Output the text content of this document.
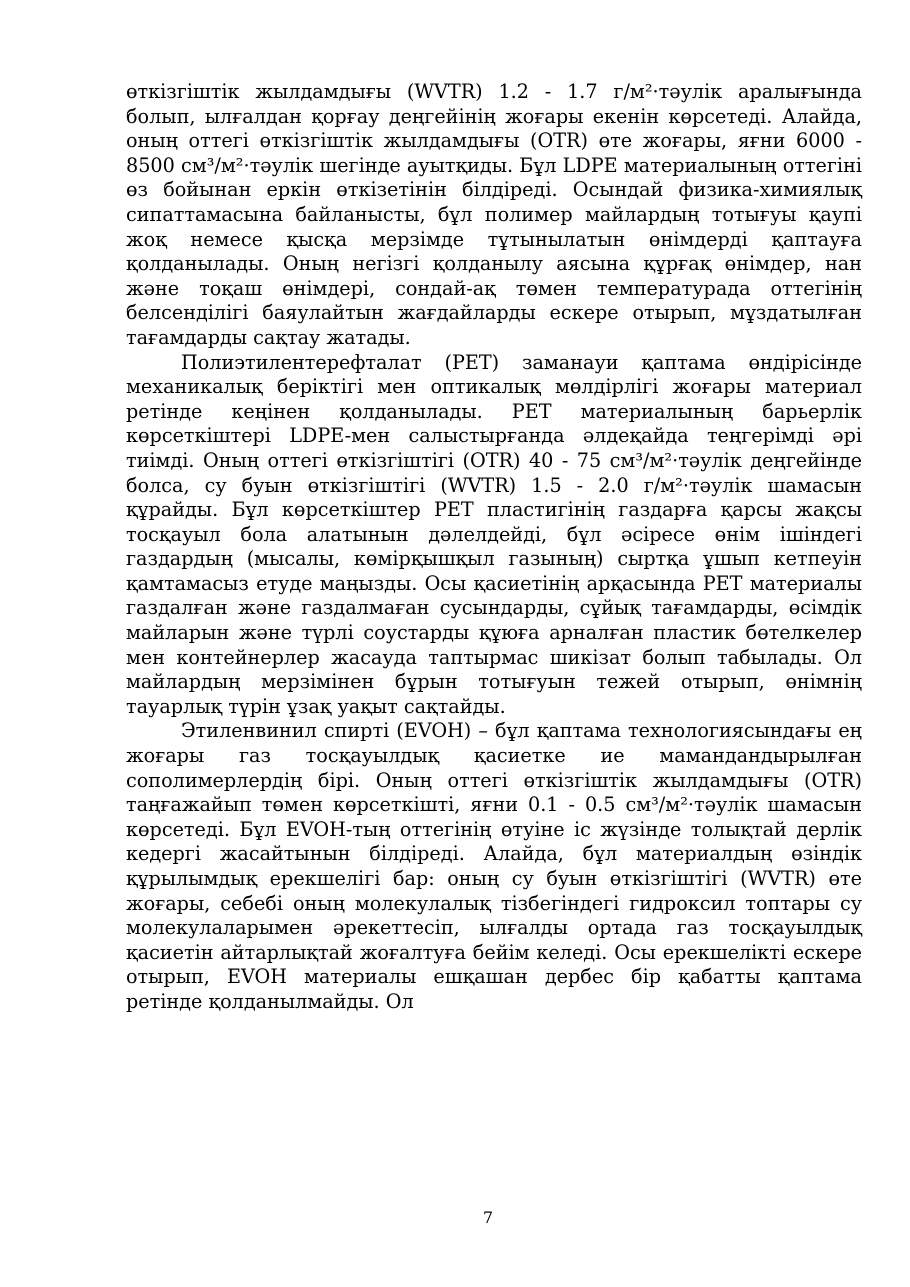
өткізгіштік жылдамдығы (WVTR) 1.2 - 1.7 г/м²·тәулік аралығында болып, ылғалдан қорғау деңгейінің жоғары екенін көрсетеді. Алайда, оның оттегі өткізгіштік жылдамдығы (OTR) өте жоғары, яғни 6000 - 8500 см³/м²·тәулік шегінде ауытқиды. Бұл LDPE материалының оттегіні өз бойынан еркін өткізетінін білдіреді. Осындай физика-химиялық сипаттамасына байланысты, бұл полимер майлардың тотығуы қаупі жоқ немесе қысқа мерзімде тұтынылатын өнімдерді қаптауға қолданылады. Оның негізгі қолданылу аясына құрғақ өнімдер, нан және тоқаш өнімдері, сондай-ақ төмен температурада оттегінің белсенділігі баяулайтын жағдайларды ескере отырып, мұздатылған тағамдарды сақтау жатады.

Полиэтилентерефталат (PET) заманауи қаптама өндірісінде механикалық беріктігі мен оптикалық мөлдірлігі жоғары материал ретінде кеңінен қолданылады. PET материалының барьерлік көрсеткіштері LDPE-мен салыстырғанда әлдеқайда теңгерімді әрі тиімді. Оның оттегі өткізгіштігі (OTR) 40 - 75 см³/м²·тәулік деңгейінде болса, су буын өткізгіштігі (WVTR) 1.5 - 2.0 г/м²·тәулік шамасын құрайды. Бұл көрсеткіштер PET пластигінің газдарға қарсы жақсы тосқауыл бола алатынын дәлелдейді, бұл әсіресе өнім ішіндегі газдардың (мысалы, көмірқышқыл газының) сыртқа ұшып кетпеуін қамтамасыз етуде маңызды. Осы қасиетінің арқасында PET материалы газдалған және газдалмаған сусындарды, сұйық тағамдарды, өсімдік майларын және түрлі соустарды құюға арналған пластик бөтелкелер мен контейнерлер жасауда таптырмас шикізат болып табылады. Ол майлардың мерзімінен бұрын тотығуын тежей отырып, өнімнің тауарлық түрін ұзақ уақыт сақтайды.

Этиленвинил спирті (EVOH) – бұл қаптама технологиясындағы ең жоғары газ тосқауылдық қасиетке ие мамандандырылған сополимерлердің бірі. Оның оттегі өткізгіштік жылдамдығы (OTR) таңғажайып төмен көрсеткішті, яғни 0.1 - 0.5 см³/м²·тәулік шамасын көрсетеді. Бұл EVOH-тың оттегінің өтуіне іс жүзінде толықтай дерлік кедергі жасайтынын білдіреді. Алайда, бұл материалдың өзіндік құрылымдық ерекшелігі бар: оның су буын өткізгіштігі (WVTR) өте жоғары, себебі оның молекулалық тізбегіндегі гидроксил топтары су молекулаларымен әрекеттесіп, ылғалды ортада газ тосқауылдық қасиетін айтарлықтай жоғалтуға бейім келеді. Осы ерекшелікті ескере отырып, EVOH материалы ешқашан дербес бір қабатты қаптама ретінде қолданылмайды. Ол

7
